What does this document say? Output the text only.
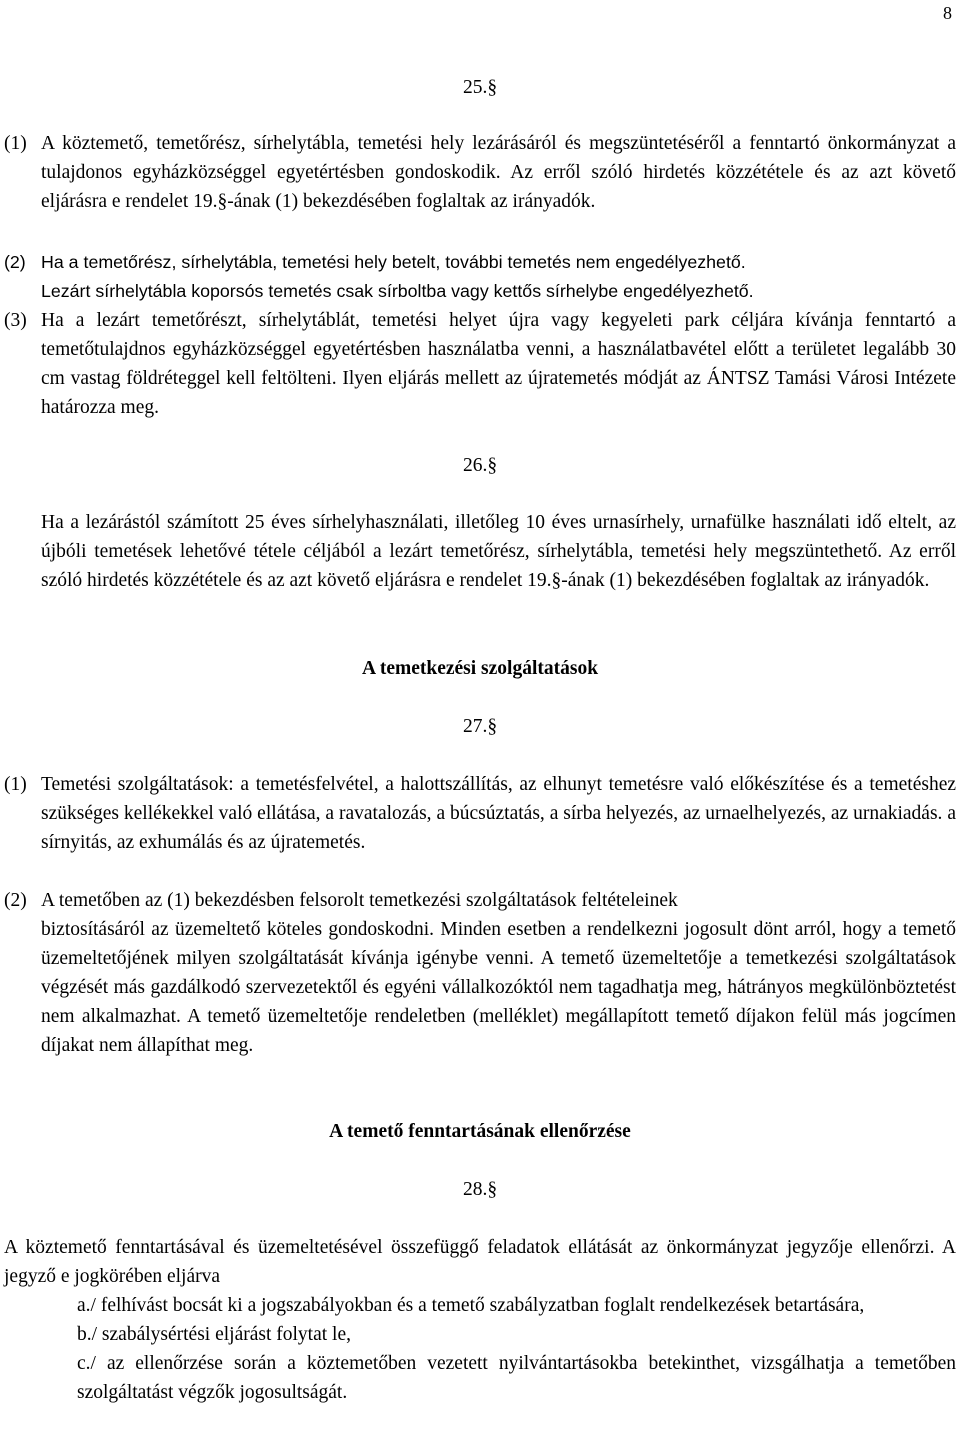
8
25.§
(1) A köztemető, temetőrész, sírhelytábla, temetési hely lezárásáról és megszüntetéséről a fenntartó önkormányzat a tulajdonos egyházközséggel egyetértésben gondoskodik. Az erről szóló hirdetés közzététele és az azt követő eljárásra e rendelet 19.§-ának (1) bekezdésében foglaltak az irányadók.
(2) Ha a temetőrész, sírhelytábla, temetési hely betelt, további temetés nem engedélyezhető.
Lezárt sírhelytábla koporsós temetés csak sírboltba vagy kettős sírhelybe engedélyezhető.
(3) Ha a lezárt temetőrészt, sírhelytáblát, temetési helyet újra vagy kegyeleti park céljára kívánja fenntartó a temetőtulajdnos egyházközséggel egyetértésben használatba venni, a használatbavétel előtt a területet legalább 30 cm vastag földréteggel kell feltölteni. Ilyen eljárás mellett az újratemetés módját az ÁNTSZ Tamási Városi Intézete határozza meg.
26.§

Ha a lezárástól számított 25 éves sírhelyhasználati, illetőleg 10 éves urnasírhely, urnafülke használati idő eltelt, az újbóli temetések lehetővé tétele céljából a lezárt temetőrész, sírhelytábla, temetési hely megszüntethető. Az erről szóló hirdetés közzététele és az azt követő eljárásra e rendelet 19.§-ának (1) bekezdésében foglaltak az irányadók.

A temetkezési szolgáltatások
27.§
(1) Temetési szolgáltatások: a temetésfelvétel, a halottszállítás, az elhunyt temetésre való előkészítése és a temetéshez szükséges kellékekkel való ellátása, a ravatalozás, a búcsúztatás, a sírba helyezés, az urnaelhelyezés, az urnakiadás. a sírnyitás, az exhumálás és az újratemetés.
(2) A temetőben az (1) bekezdésben felsorolt temetkezési szolgáltatások feltételeinek

biztosításáról az üzemeltető köteles gondoskodni. Minden esetben a rendelkezni jogosult dönt arról, hogy a temető üzemeltetőjének milyen szolgáltatását kívánja igénybe venni. A temető üzemeltetője a temetkezési szolgáltatások végzését más gazdálkodó szervezetektől és egyéni vállalkozóktól nem tagadhatja meg, hátrányos megkülönböztetést nem alkalmazhat. A temető üzemeltetője rendeletben (melléklet) megállapított temető díjakon felül más jogcímen díjakat nem állapíthat meg.

A temető fenntartásának ellenőrzése
28.§

A köztemető fenntartásával és üzemeltetésével összefüggő feladatok ellátását az önkormányzat jegyzője ellenőrzi. A jegyző e jogkörében eljárva

a./ felhívást bocsát ki a jogszabályokban és a temető szabályzatban foglalt rendelkezések betartására,
b./ szabálysértési eljárást folytat le,
c./ az ellenőrzése során a köztemetőben vezetett nyilvántartásokba betekinthet, vizsgálhatja a temetőben szolgáltatást végzők jogosultságát.
